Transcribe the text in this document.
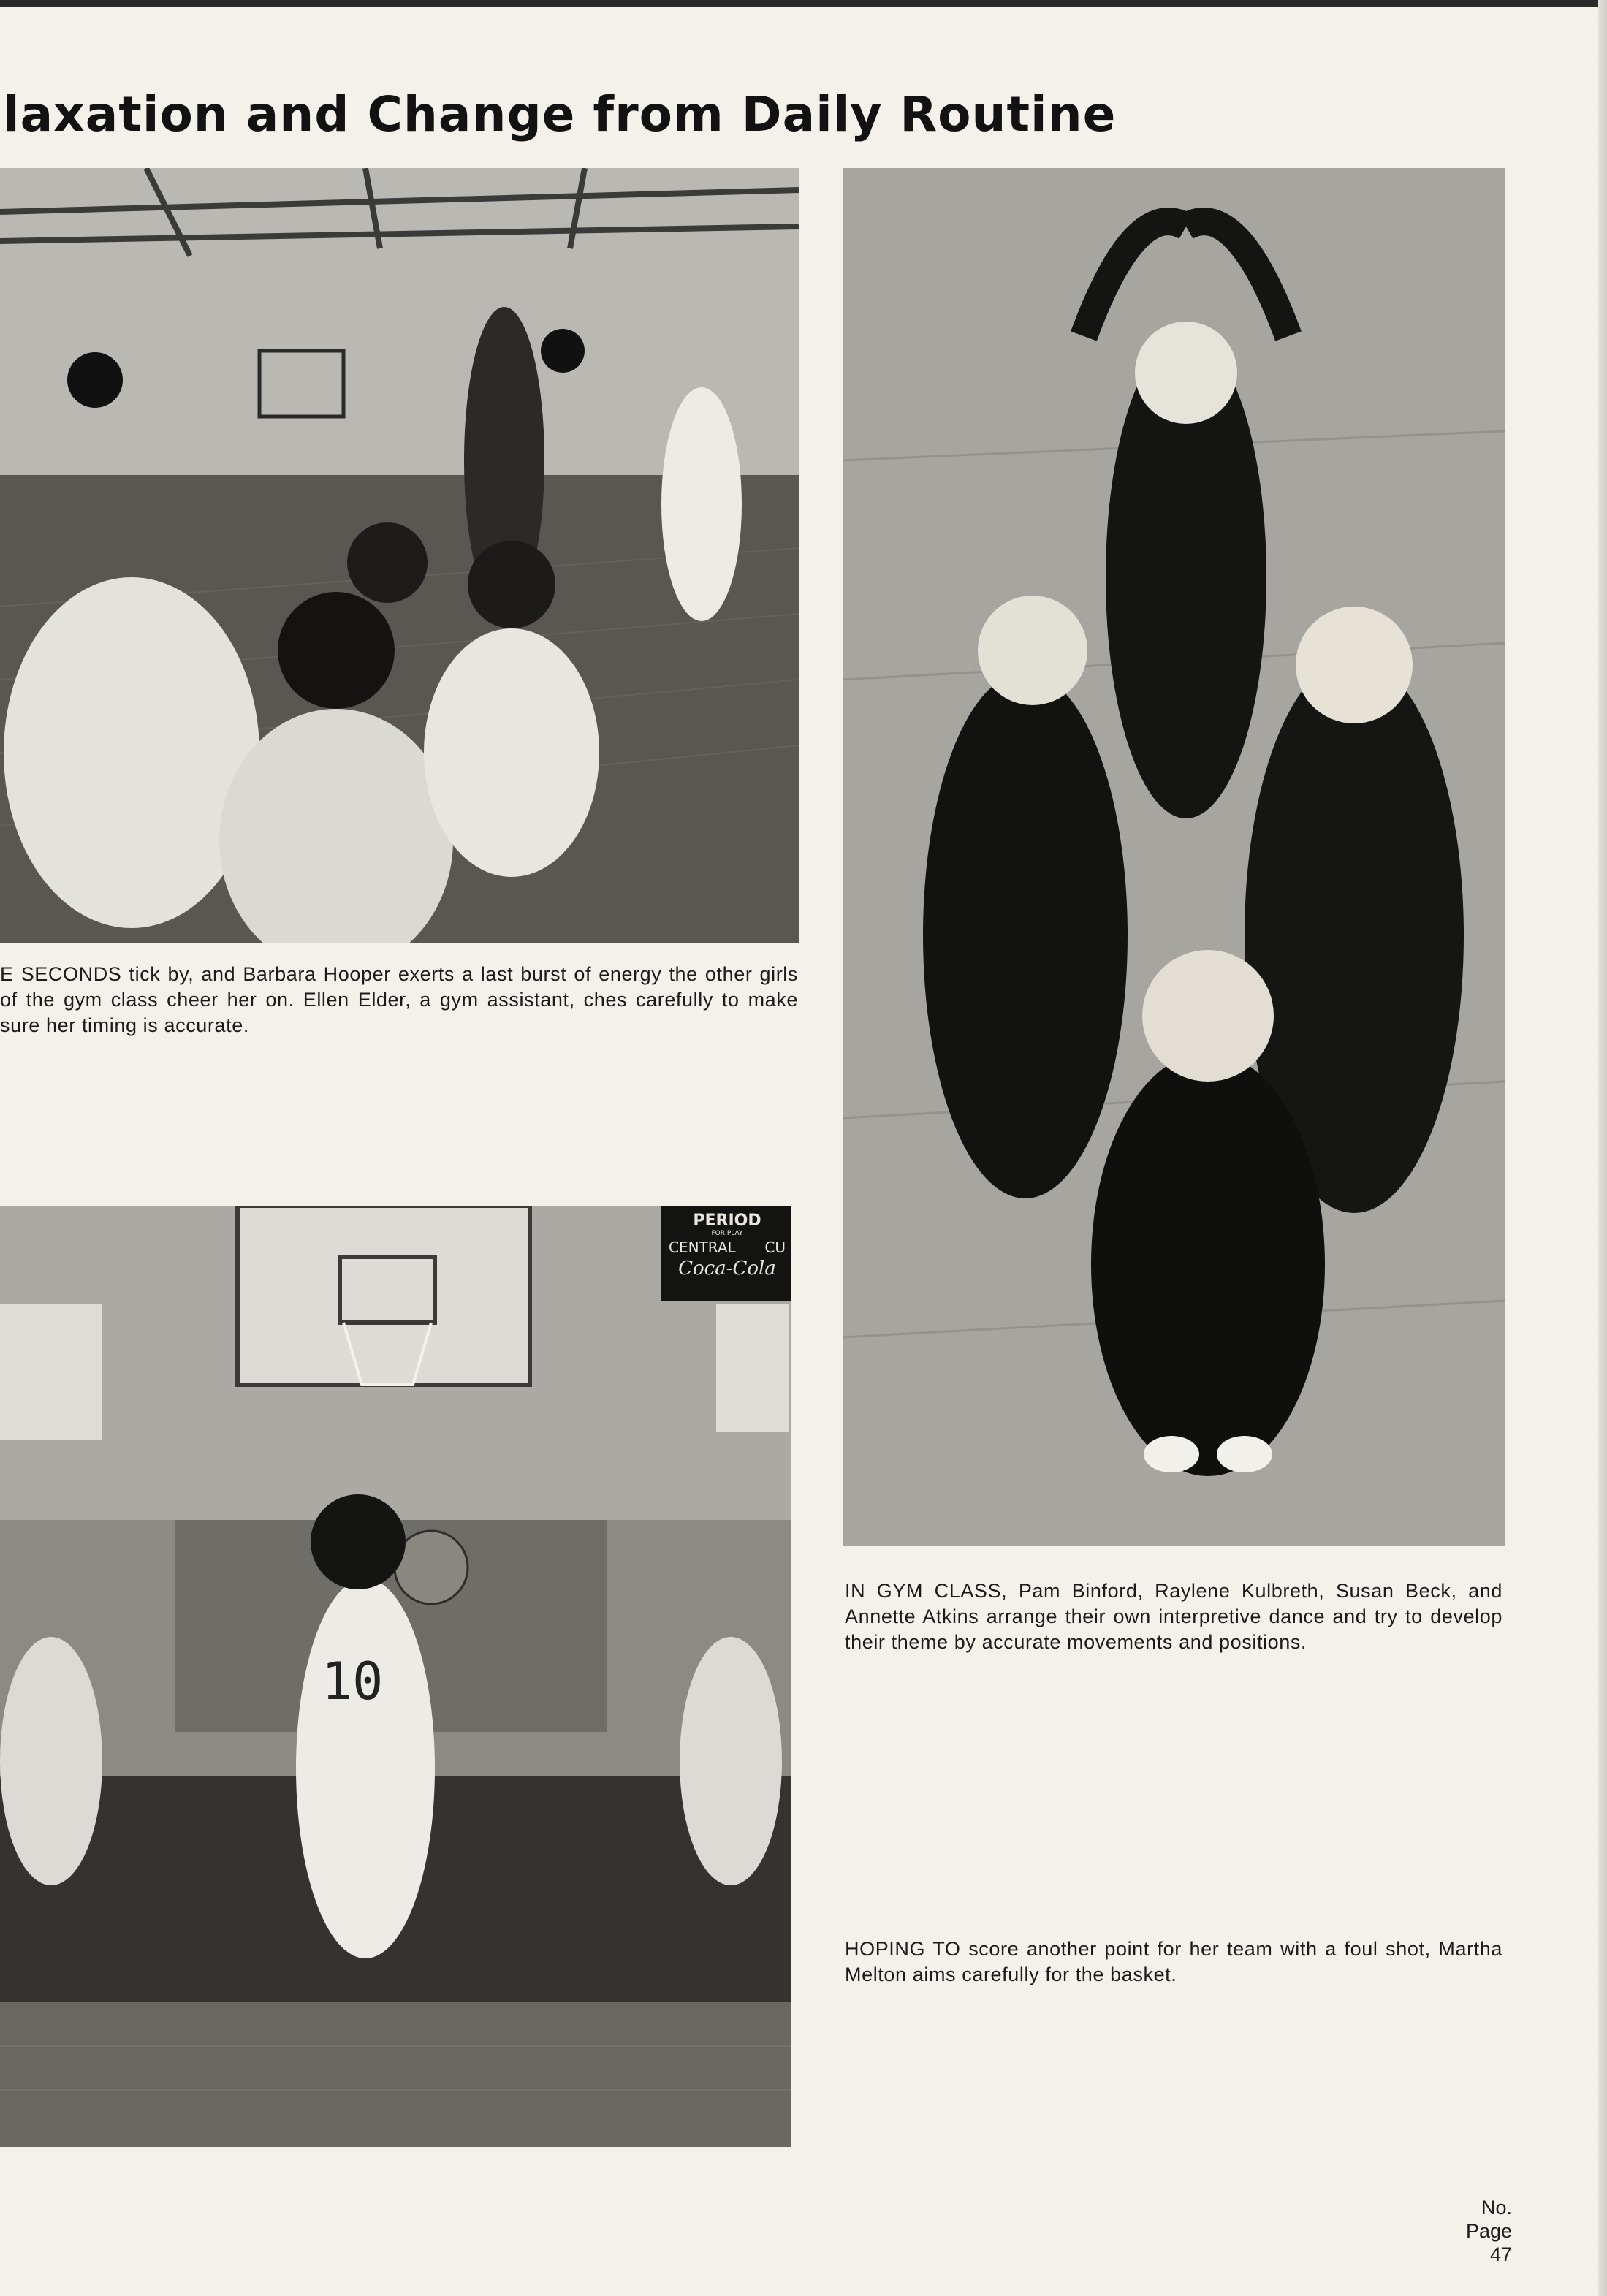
laxation and Change from Daily Routine

E SECONDS tick by, and Barbara Hooper exerts a last burst of energy the other girls of the gym class cheer her on. Ellen Elder, a gym assistant, ches carefully to make sure her timing is accurate.

IN GYM CLASS, Pam Binford, Raylene Kulbreth, Susan Beck, and Annette Atkins arrange their own interpretive dance and try to develop their theme by accurate movements and positions.

PERIOD
FOR PLAY
CENTRAL CU
Coca-Cola
10

HOPING TO score another point for her team with a foul shot, Martha Melton aims carefully for the basket.

No.
Page
47
